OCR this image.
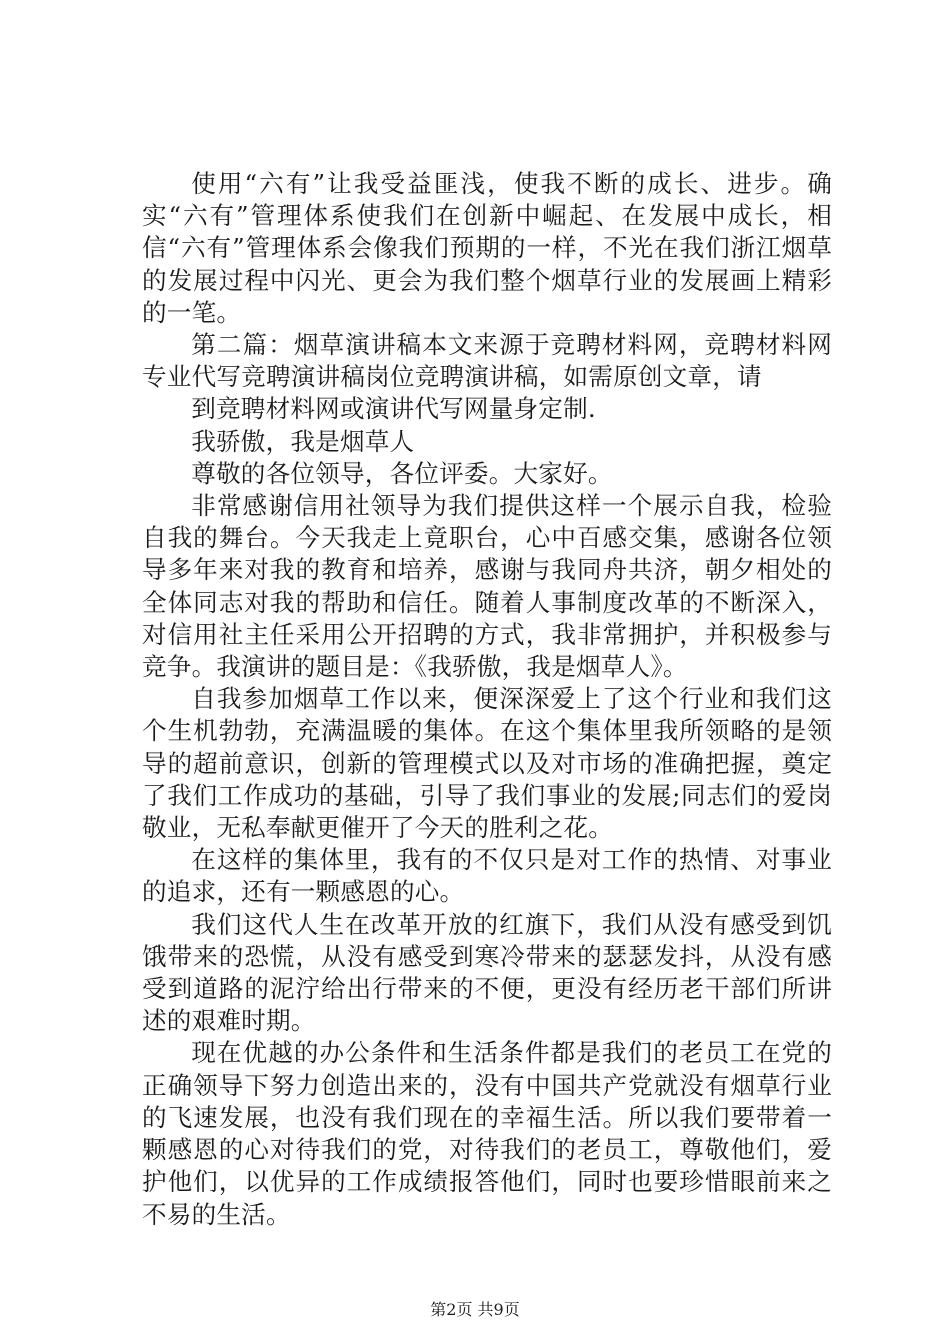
使用“六有”让我受益匪浅，使我不断的成长、进步。确实“六有”管理体系使我们在创新中崛起、在发展中成长，相信“六有”管理体系会像我们预期的一样，不光在我们浙江烟草的发展过程中闪光、更会为我们整个烟草行业的发展画上精彩的一笔。

第二篇：烟草演讲稿本文来源于竞聘材料网，竞聘材料网专业代写竞聘演讲稿岗位竞聘演讲稿，如需原创文章，请

到竞聘材料网或演讲代写网量身定制.

我骄傲，我是烟草人

尊敬的各位领导，各位评委。大家好。

非常感谢信用社领导为我们提供这样一个展示自我，检验自我的舞台。今天我走上竟职台，心中百感交集，感谢各位领导多年来对我的教育和培养，感谢与我同舟共济，朝夕相处的全体同志对我的帮助和信任。随着人事制度改革的不断深入，对信用社主任采用公开招聘的方式，我非常拥护，并积极参与竞争。我演讲的题目是：《我骄傲，我是烟草人》。

自我参加烟草工作以来，便深深爱上了这个行业和我们这个生机勃勃，充满温暖的集体。在这个集体里我所领略的是领导的超前意识，创新的管理模式以及对市场的准确把握，奠定了我们工作成功的基础，引导了我们事业的发展;同志们的爱岗敬业，无私奉献更催开了今天的胜利之花。

在这样的集体里，我有的不仅只是对工作的热情、对事业的追求，还有一颗感恩的心。

我们这代人生在改革开放的红旗下，我们从没有感受到饥饿带来的恐慌，从没有感受到寒冷带来的瑟瑟发抖，从没有感受到道路的泥泞给出行带来的不便，更没有经历老干部们所讲述的艰难时期。

现在优越的办公条件和生活条件都是我们的老员工在党的正确领导下努力创造出来的，没有中国共产党就没有烟草行业的飞速发展，也没有我们现在的幸福生活。所以我们要带着一颗感恩的心对待我们的党，对待我们的老员工，尊敬他们，爱护他们，以优异的工作成绩报答他们，同时也要珍惜眼前来之不易的生活。

第2页 共9页
